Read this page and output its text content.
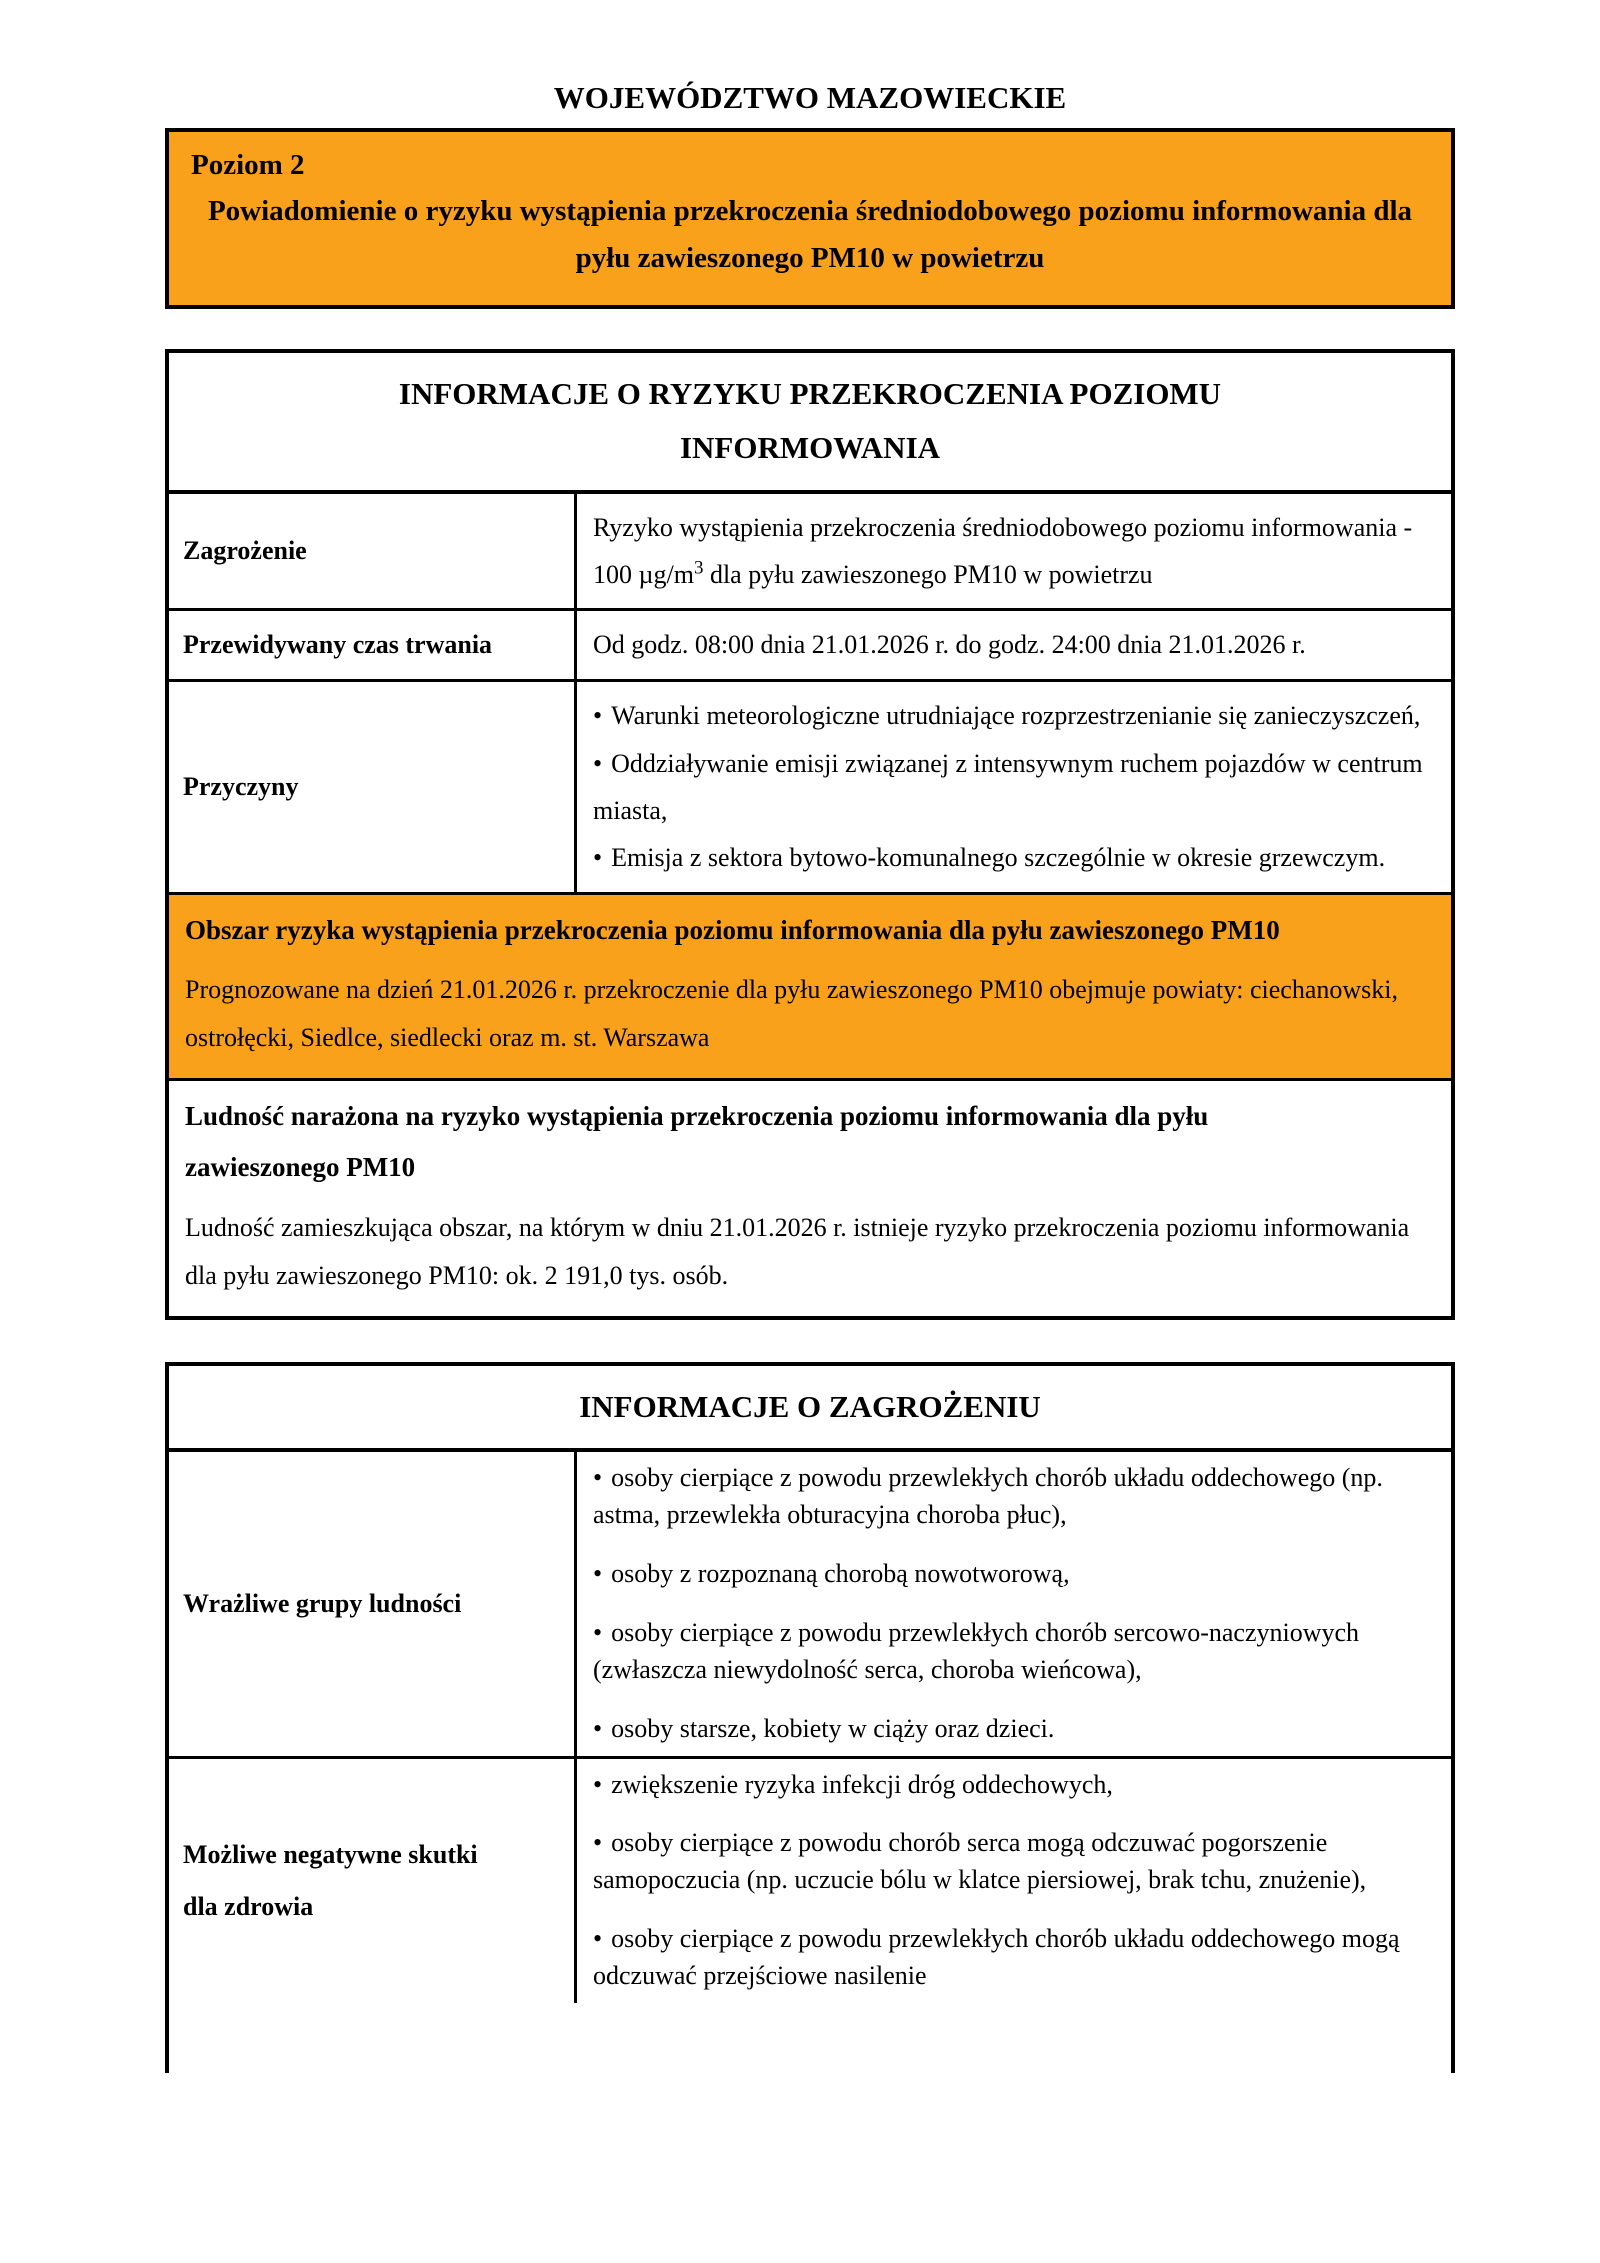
WOJEWÓDZTWO MAZOWIECKIE
Poziom 2
Powiadomienie o ryzyku wystąpienia przekroczenia średniodobowego poziomu informowania dla pyłu zawieszonego PM10 w powietrzu
INFORMACJE O RYZYKU PRZEKROCZENIA POZIOMU INFORMOWANIA
Zagrożenie
Ryzyko wystąpienia przekroczenia średniodobowego poziomu informowania - 100 $\mu g/m^3$ dla pyłu zawieszonego PM10 w powietrzu
Przewidywany czas trwania	Od godz. 08:00 dnia 21.01.2026 r. do godz. 24:00 dnia 21.01.2026 r.
Przyczyny
• Warunki meteorologiczne utrudniające rozprzestrzenianie się zanieczyszczeń,
• Oddziaływanie emisji związanej z intensywnym ruchem pojazdów w centrum miasta,
• Emisja z sektora bytowo-komunalnego szczególnie w okresie grzewczym.
Obszar ryzyka wystąpienia przekroczenia poziomu informowania dla pyłu zawieszonego PM10
Prognozowane na dzień 21.01.2026 r. przekroczenie dla pyłu zawieszonego PM10 obejmuje powiaty: ciechanowski, ostrołęcki, Siedlce, siedlecki oraz m. st. Warszawa
Ludność narażona na ryzyko wystąpienia przekroczenia poziomu informowania dla pyłu zawieszonego PM10
Ludność zamieszkująca obszar, na którym w dniu 21.01.2026 r. istnieje ryzyko przekroczenia poziomu informowania dla pyłu zawieszonego PM10: ok. 2 191,0 tys. osób.
INFORMACJE O ZAGROŻENIU
Wrażliwe grupy ludności
• osoby cierpiące z powodu przewlekłych chorób układu oddechowego (np. astma, przewlekła obturacyjna choroba płuc),
• osoby z rozpoznaną chorobą nowotworową,
• osoby cierpiące z powodu przewlekłych chorób sercowo-naczyniowych (zwłaszcza niewydolność serca, choroba wieńcowa),
• osoby starsze, kobiety w ciąży oraz dzieci.
Możliwe negatywne skutki dla zdrowia
• zwiększenie ryzyka infekcji dróg oddechowych,
• osoby cierpiące z powodu chorób serca mogą odczuwać pogorszenie samopoczucia (np. uczucie bólu w klatce piersiowej, brak tchu, znużenie),
• osoby cierpiące z powodu przewlekłych chorób układu oddechowego mogą odczuwać przejściowe nasilenie
